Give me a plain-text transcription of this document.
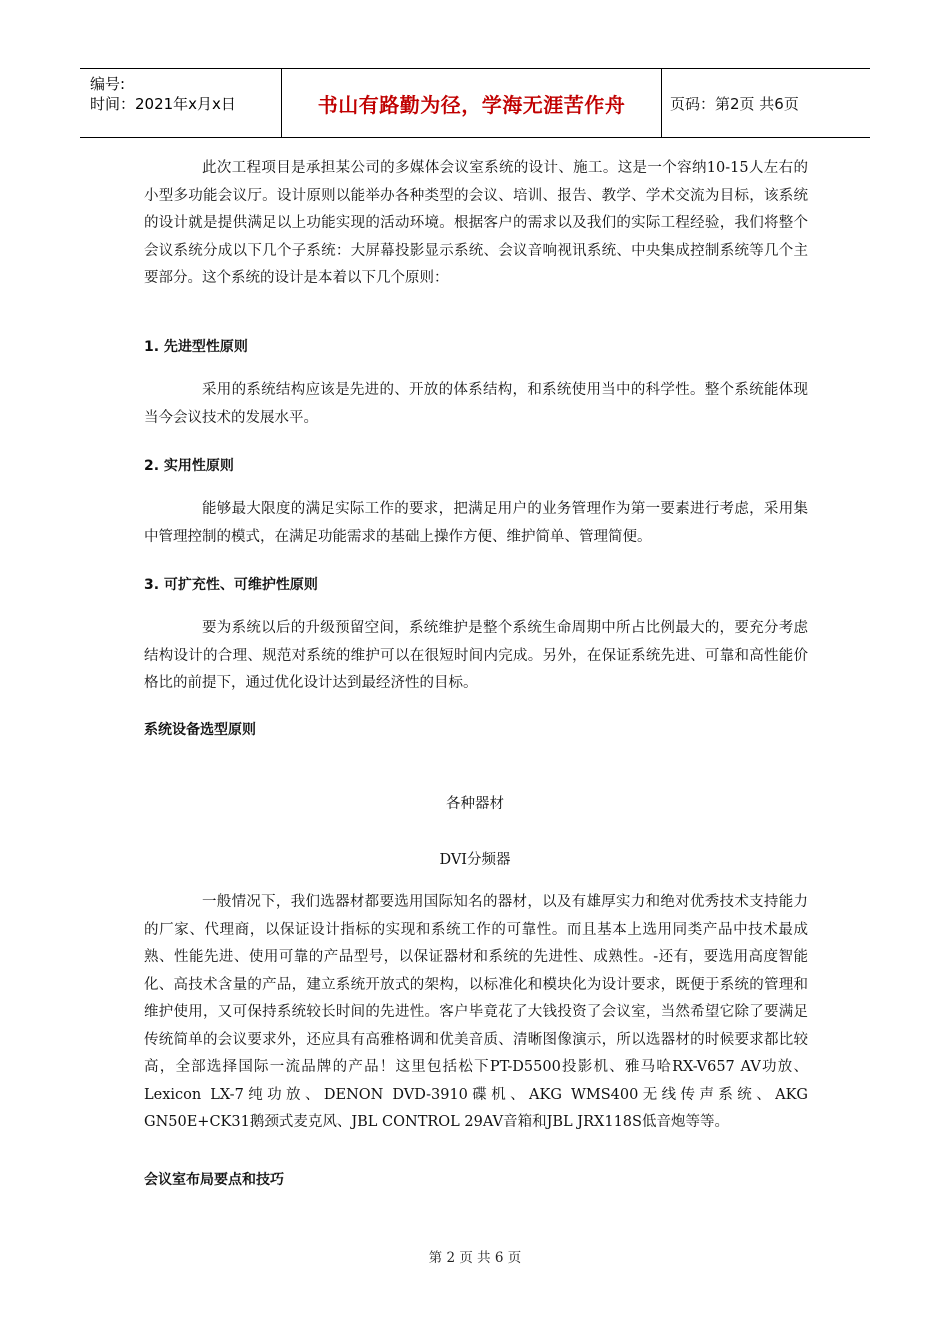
编号:
时间：2021年x月x日	书山有路勤为径，学海无涯苦作舟	页码：第2页 共6页

此次工程项目是承担某公司的多媒体会议室系统的设计、施工。这是一个容纳10-15人左右的小型多功能会议厅。设计原则以能举办各种类型的会议、培训、报告、教学、学术交流为目标，该系统的设计就是提供满足以上功能实现的活动环境。根据客户的需求以及我们的实际工程经验，我们将整个会议系统分成以下几个子系统：大屏幕投影显示系统、会议音响视讯系统、中央集成控制系统等几个主要部分。这个系统的设计是本着以下几个原则：

1. 先进型性原则

采用的系统结构应该是先进的、开放的体系结构，和系统使用当中的科学性。整个系统能体现当今会议技术的发展水平。

2. 实用性原则

能够最大限度的满足实际工作的要求，把满足用户的业务管理作为第一要素进行考虑，采用集中管理控制的模式，在满足功能需求的基础上操作方便、维护简单、管理简便。

3. 可扩充性、可维护性原则

要为系统以后的升级预留空间，系统维护是整个系统生命周期中所占比例最大的，要充分考虑结构设计的合理、规范对系统的维护可以在很短时间内完成。另外，在保证系统先进、可靠和高性能价格比的前提下，通过优化设计达到最经济性的目标。

系统设备选型原则

各种器材

DVI分频器

一般情况下，我们选器材都要选用国际知名的器材，以及有雄厚实力和绝对优秀技术支持能力的厂家、代理商，以保证设计指标的实现和系统工作的可靠性。而且基本上选用同类产品中技术最成熟、性能先进、使用可靠的产品型号，以保证器材和系统的先进性、成熟性。-还有，要选用高度智能化、高技术含量的产品，建立系统开放式的架构，以标准化和模块化为设计要求，既便于系统的管理和维护使用，又可保持系统较长时间的先进性。客户毕竟花了大钱投资了会议室，当然希望它除了要满足传统简单的会议要求外，还应具有高雅格调和优美音质、清晰图像演示，所以选器材的时候要求都比较高，全部选择国际一流品牌的产品！这里包括松下PT-D5500投影机、雅马哈RX-V657 AV功放、Lexicon LX-7纯功放、DENON DVD-3910碟机、AKG WMS400无线传声系统、AKG GN50E+CK31鹅颈式麦克风、JBL CONTROL 29AV音箱和JBL JRX118S低音炮等等。

会议室布局要点和技巧

第 2 页 共 6 页
